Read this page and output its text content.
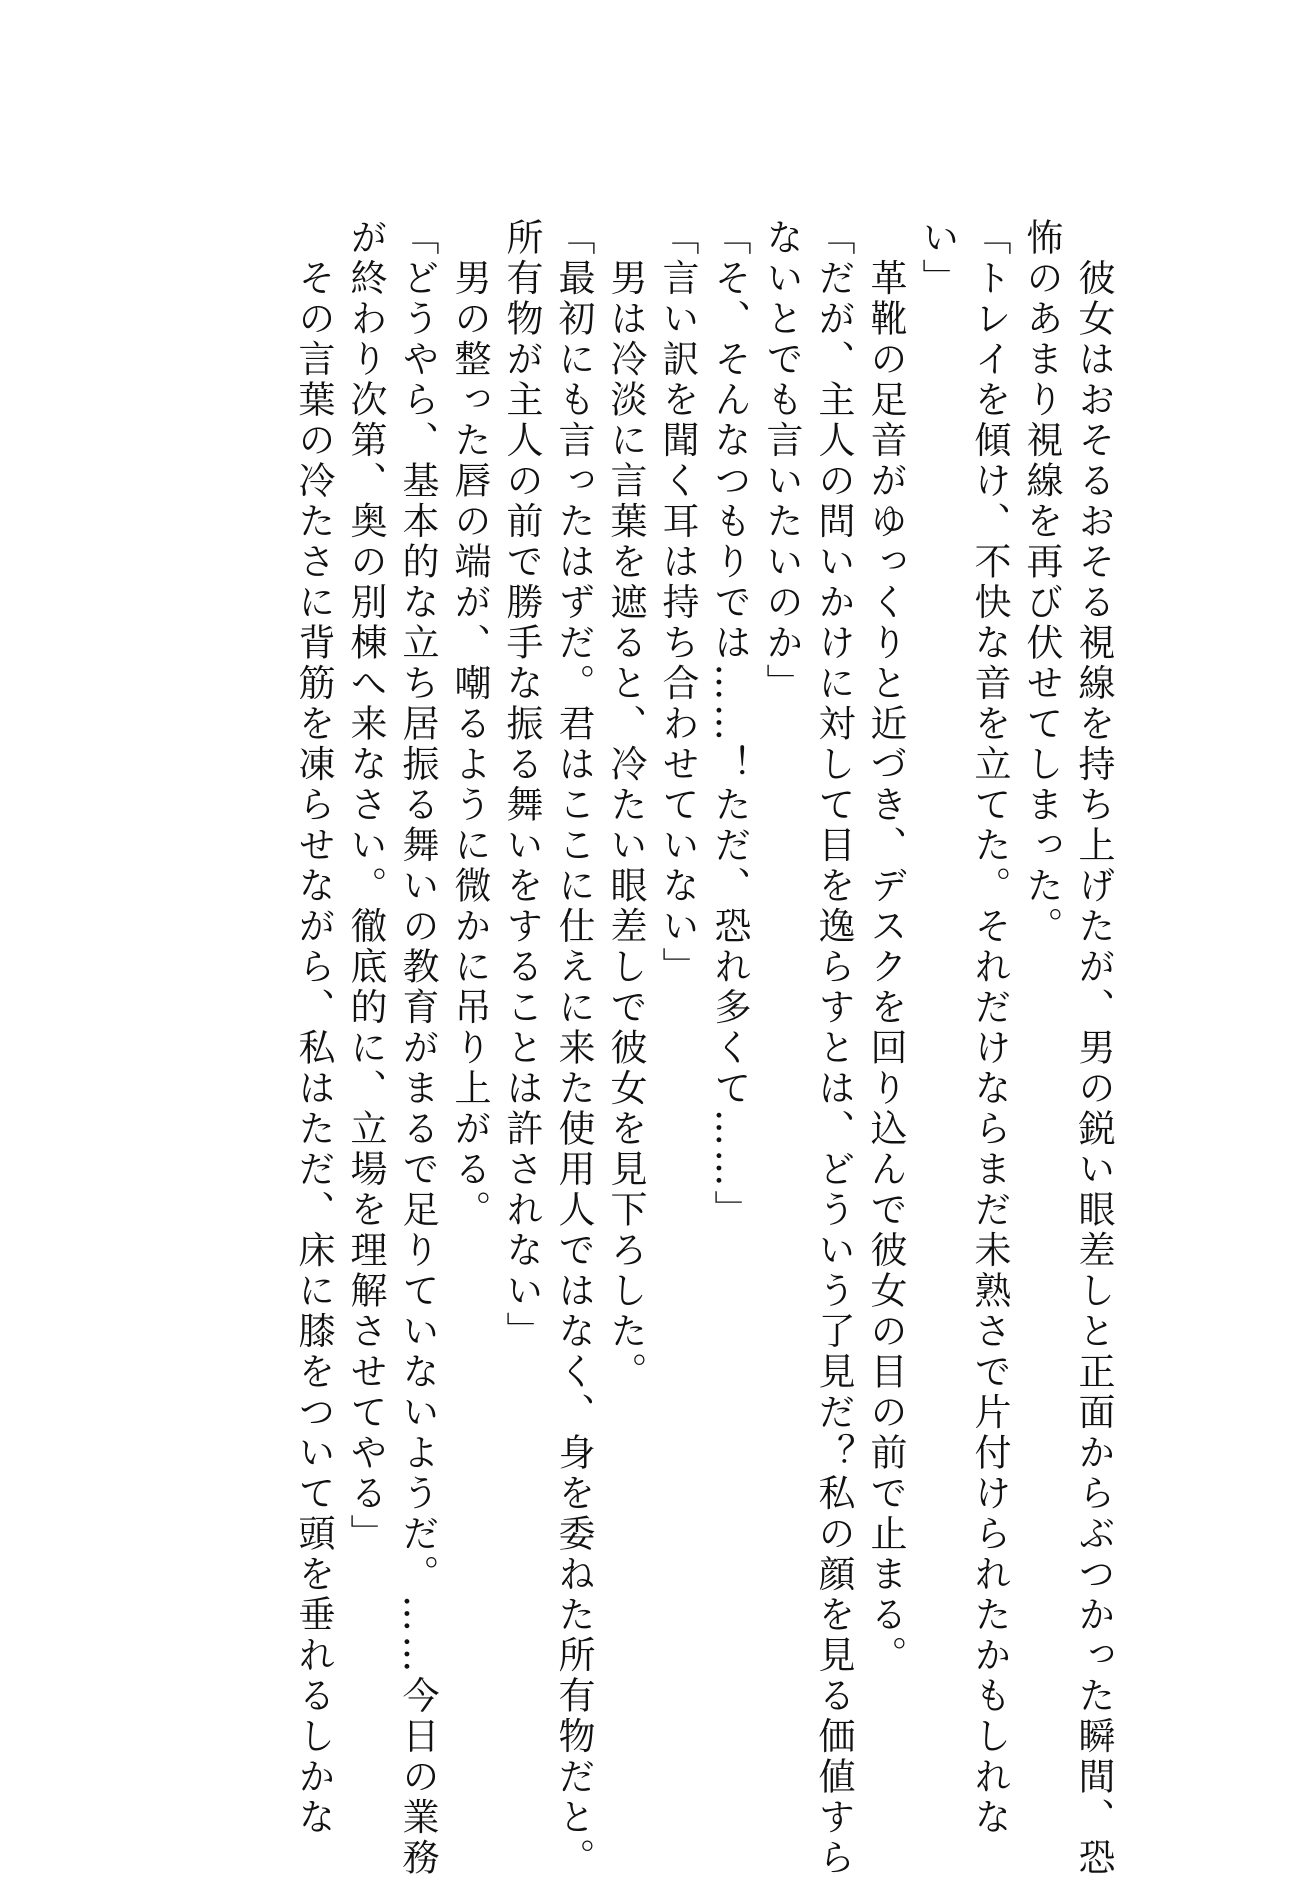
　彼女はおそるおそる視線を持ち上げたが、男の鋭い眼差しと正面からぶつかった瞬間、恐
怖のあまり視線を再び伏せてしまった。
「トレイを傾け、不快な音を立てた。それだけならまだ未熟さで片付けられたかもしれな
い」
　革靴の足音がゆっくりと近づき、デスクを回り込んで彼女の目の前で止まる。
「だが、主人の問いかけに対して目を逸らすとは、どういう了見だ？私の顔を見る価値すら
ないとでも言いたいのか」
「そ、そんなつもりでは……！ただ、恐れ多くて……」
「言い訳を聞く耳は持ち合わせていない」
　男は冷淡に言葉を遮ると、冷たい眼差しで彼女を見下ろした。
「最初にも言ったはずだ。君はここに仕えに来た使用人ではなく、身を委ねた所有物だと。
所有物が主人の前で勝手な振る舞いをすることは許されない」
　男の整った唇の端が、嘲るように微かに吊り上がる。
「どうやら、基本的な立ち居振る舞いの教育がまるで足りていないようだ。……今日の業務
が終わり次第、奥の別棟へ来なさい。徹底的に、立場を理解させてやる」
　その言葉の冷たさに背筋を凍らせながら、私はただ、床に膝をついて頭を垂れるしかな
